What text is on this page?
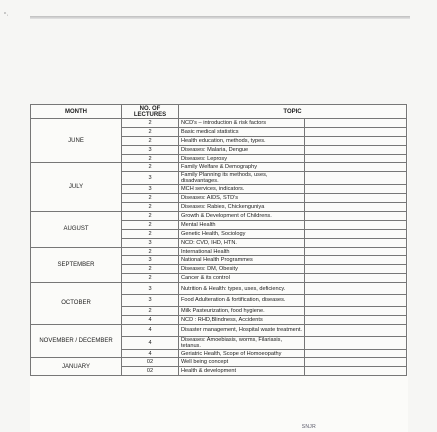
“·
MONTH	NO. OF LECTURES	TOPIC	
JUNE	2	NCD's – introduction & risk factors	
	2	Basic medical statistics	
	2	Health education, methods, types.	
	3	Diseases: Malaria, Dengue	
	2	Diseases: Leprosy	
JULY	2	Family Welfare & Demography	
	3	Family Planning its methods, uses, disadvantages.	
	3	MCH services, indicators.	
	2	Diseases: AIDS, STD's	
	2	Diseases: Rabies, Chickenguniya	
AUGUST	2	Growth & Development of Childrens.	
	2	Mental Health	
	2	Genetic Health, Sociology	
	3	NCD: CVD, IHD, HTN.	
SEPTEMBER	2	International Health	
	3	National Health Programmes	
	2	Diseases: DM, Obesity	
	2	Cancer & its control	
OCTOBER	3	Nutrition & Health: types, uses, deficiency.	
	3	Food Adulteration & fortification, diseases.	
	2	Milk Pasteurization, food hygiene.	
	4	NCD : RHD,Blindness, Accidents	
NOVEMBER / DECEMBER	4	Disaster management, Hospital waste treatment.	
	4	Diseases: Amoebiasis, worms, Filariasis, tetanus.	
	4	Geriatric Health, Scope of Homoeopathy	
JANUARY	02	Well being concept	
	02	Health & development	
SNJR
